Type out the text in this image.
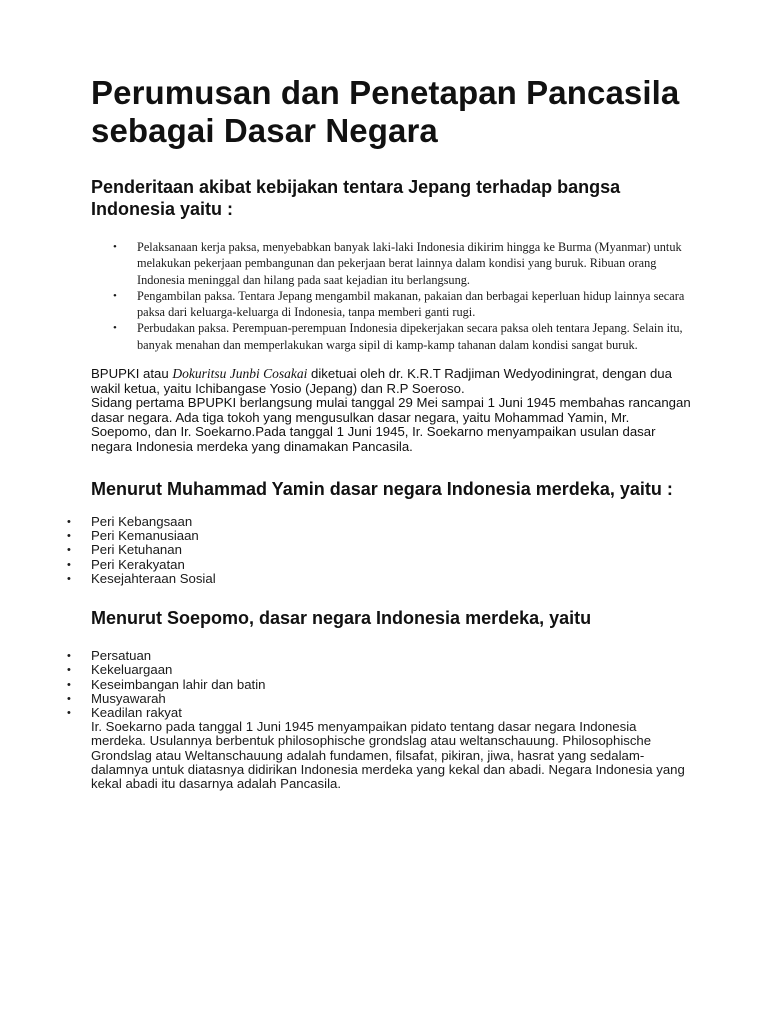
Perumusan dan Penetapan Pancasila sebagai Dasar Negara
Penderitaan akibat kebijakan tentara Jepang terhadap bangsa Indonesia yaitu :
• Pelaksanaan kerja paksa, menyebabkan banyak laki-laki Indonesia dikirim hingga ke Burma (Myanmar) untuk melakukan pekerjaan pembangunan dan pekerjaan berat lainnya dalam kondisi yang buruk. Ribuan orang Indonesia meninggal dan hilang pada saat kejadian itu berlangsung.
• Pengambilan paksa. Tentara Jepang mengambil makanan, pakaian dan berbagai keperluan hidup lainnya secara paksa dari keluarga-keluarga di Indonesia, tanpa memberi ganti rugi.
• Perbudakan paksa. Perempuan-perempuan Indonesia dipekerjakan secara paksa oleh tentara Jepang. Selain itu, banyak menahan dan memperlakukan warga sipil di kamp-kamp tahanan dalam kondisi sangat buruk.

BPUPKI atau Dokuritsu Junbi Cosakai diketuai oleh dr. K.R.T Radjiman Wedyodiningrat, dengan dua wakil ketua, yaitu Ichibangase Yosio (Jepang) dan R.P Soeroso.
Sidang pertama BPUPKI berlangsung mulai tanggal 29 Mei sampai 1 Juni 1945 membahas rancangan dasar negara. Ada tiga tokoh yang mengusulkan dasar negara, yaitu Mohammad Yamin, Mr. Soepomo, dan Ir. Soekarno.Pada tanggal 1 Juni 1945, Ir. Soekarno menyampaikan usulan dasar negara Indonesia merdeka yang dinamakan Pancasila.

Menurut Muhammad Yamin dasar negara Indonesia merdeka, yaitu :
• Peri Kebangsaan
• Peri Kemanusiaan
• Peri Ketuhanan
• Peri Kerakyatan
• Kesejahteraan Sosial
Menurut Soepomo, dasar negara Indonesia merdeka, yaitu
• Persatuan
• Kekeluargaan
• Keseimbangan lahir dan batin
• Musyawarah
• Keadilan rakyat

Ir. Soekarno pada tanggal 1 Juni 1945 menyampaikan pidato tentang dasar negara Indonesia merdeka. Usulannya berbentuk philosophische grondslag atau weltanschauung. Philosophische Grondslag atau Weltanschauung adalah fundamen, filsafat, pikiran, jiwa, hasrat yang sedalam-dalamnya untuk diatasnya didirikan Indonesia merdeka yang kekal dan abadi. Negara Indonesia yang kekal abadi itu dasarnya adalah Pancasila.
